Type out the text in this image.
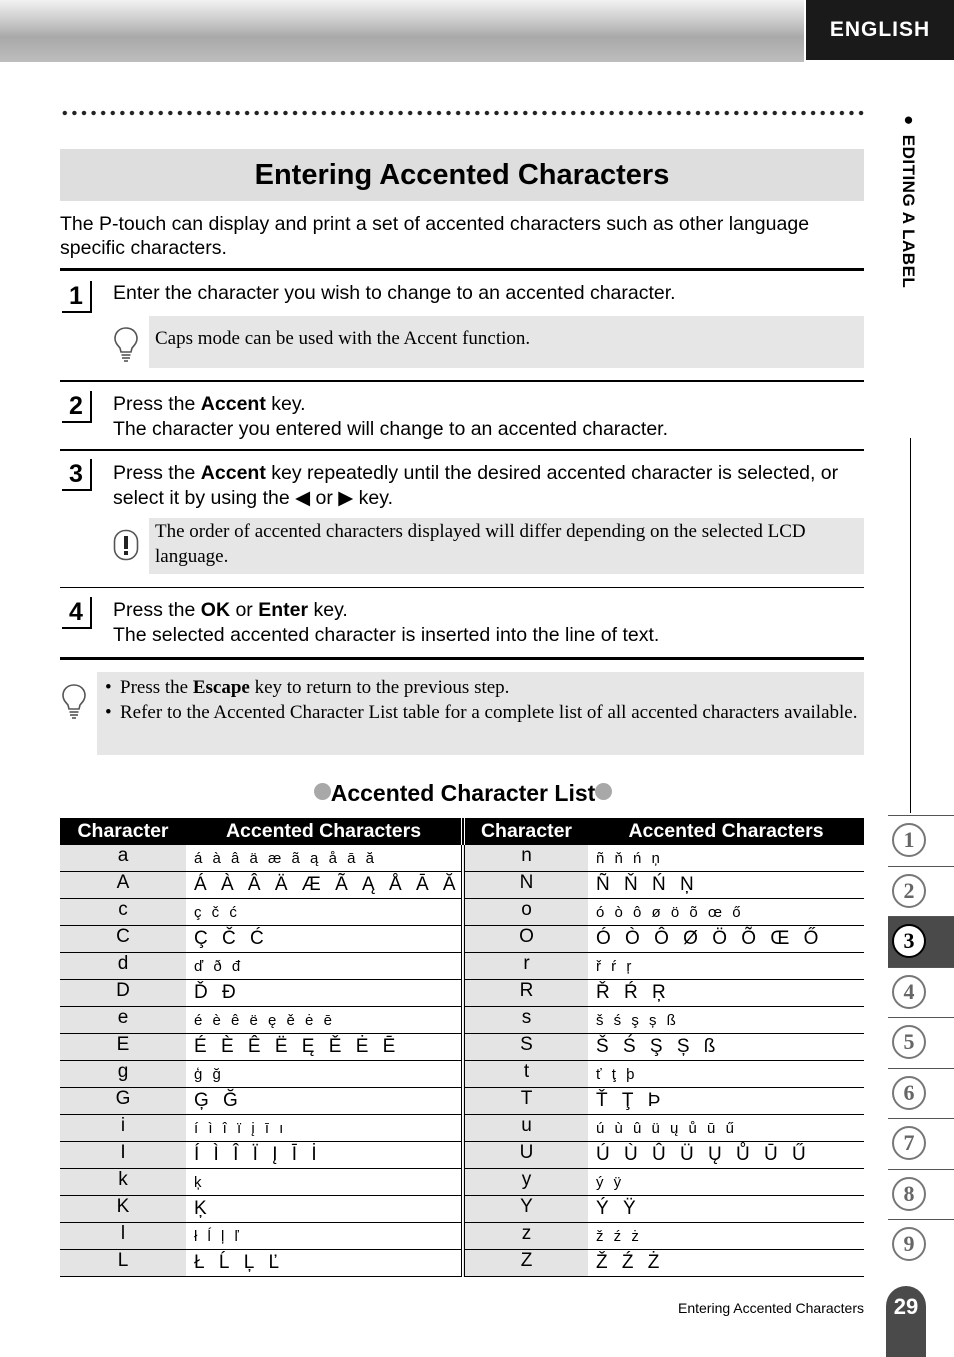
ENGLISH
● EDITING A LABEL
Entering Accented Characters
The P-touch can display and print a set of accented characters such as other language specific characters.
1	Enter the character you wish to change to an accented character.
Caps mode can be used with the Accent function.
2	Press the Accent key.
The character you entered will change to an accented character.
3	Press the Accent key repeatedly until the desired accented character is selected, or select it by using the ◀ or ▶ key.
The order of accented characters displayed will differ depending on the selected LCD language.
4	Press the OK or Enter key.
The selected accented character is inserted into the line of text.
• Press the Escape key to return to the previous step.
• Refer to the Accented Character List table for a complete list of all accented characters available.
Accented Character List
Character	Accented Characters	Character	Accented Characters
a	á à â ä æ ã ą å ā ă	n	ñ ň ń ņ
A	Á À Â Ä Æ Ã Ą Å Ā Ă	N	Ñ Ň Ń Ņ
c	ç č ć	o	ó ò ô ø ö õ œ ő
C	Ç Č Ć	O	Ó Ò Ô Ø Ö Õ Œ Ő
d	ď ð đ	r	ř ŕ ŗ
D	Ď Đ	R	Ř Ŕ Ŗ
e	é è ê ë ę ě ė ē	s	š ś ş ș ß
E	É È Ê Ë Ę Ě Ė Ē	S	Š Ś Ş Ș ß
g	ģ ğ	t	ť ţ þ
G	Ģ Ğ	T	Ť Ţ Þ
i	í ì î ï į ī ı	u	ú ù û ü ų ů ū ű
I	Í Ì Î Ï Į Ī İ	U	Ú Ù Û Ü Ų Ů Ū Ű
k	ķ	y	ý ÿ
K	Ķ	Y	Ý Ÿ
l	ł ĺ ļ ľ	z	ž ź ż
L	Ł Ĺ Ļ Ľ	Z	Ž Ź Ż
1
2
3
4
5
6
7
8
9
Entering Accented Characters	29
